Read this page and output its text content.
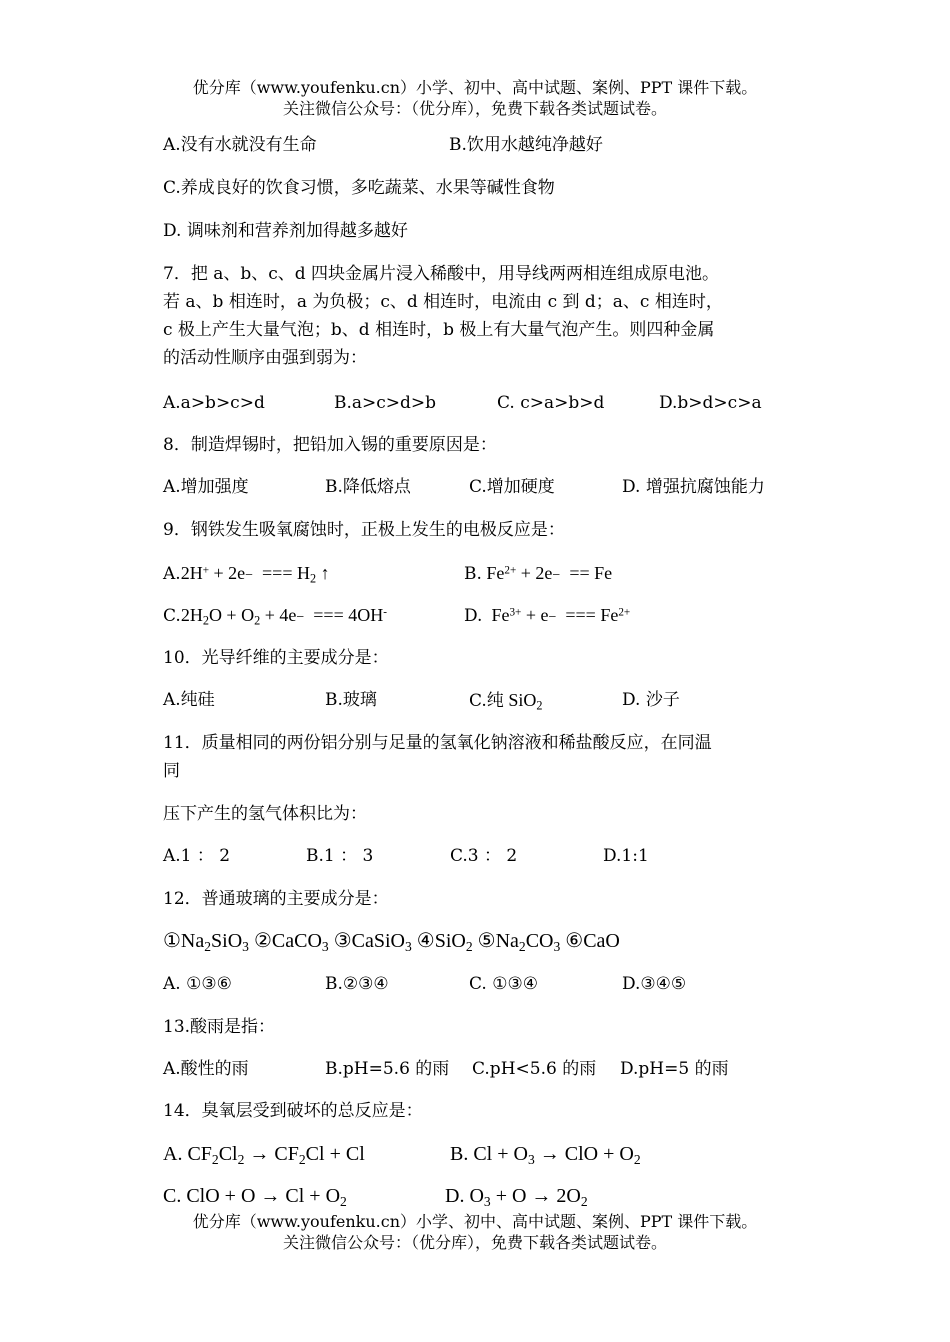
优分库（www.youfenku.cn）小学、初中、高中试题、案例、PPT 课件下载。
关注微信公众号：（优分库），免费下载各类试题试卷。
A.没有水就没有生命	B.饮用水越纯净越好
C.养成良好的饮食习惯，多吃蔬菜、水果等碱性食物
D. 调味剂和营养剂加得越多越好
7．把 a、b、c、d 四块金属片浸入稀酸中，用导线两两相连组成原电池。
若 a、b 相连时，a 为负极；c、d 相连时，电流由 c 到 d；a、c 相连时，
c 极上产生大量气泡；b、d 相连时，b 极上有大量气泡产生。则四种金属
的活动性顺序由强到弱为：
A.a>b>c>d	B.a>c>d>b	C. c>a>b>d	D.b>d>c>a
8．制造焊锡时，把铅加入锡的重要原因是：
A.增加强度	B.降低熔点	C.增加硬度	D. 增强抗腐蚀能力
9．钢铁发生吸氧腐蚀时，正极上发生的电极反应是：
A.2H+ + 2e−  === $H_2$ ↑	B. $Fe^{2+} + 2e- == Fe$
$C.2H_2O + O_2 + 4e-$  === 4OH-	D.  $Fe^{3+} + e-$  === $Fe^{2+}$
10．光导纤维的主要成分是：
A.纯硅	B.玻璃	C.纯 SiO$_2$	D. 沙子
11．质量相同的两份铝分别与足量的氢氧化钠溶液和稀盐酸反应，在同温
同
压下产生的氢气体积比为：
A.1 ： 2	B.1 ： 3	C.3 ： 2	D.1:1
12．普通玻璃的主要成分是：
$①Na_2SiO_3$ ②CaCO$_3$ ③CaSiO$_3$ ④SiO$_2$ $⑤Na_2CO_3$ ⑥CaO
A. ①③⑥	B.②③④	C. ①③④	D.③④⑤
13.酸雨是指：
A.酸性的雨	B.pH=5.6 的雨 C.pH<5.6 的雨 D.pH=5 的雨
14．臭氧层受到破坏的总反应是：
A. $CF_2Cl_2 \to CF_2Cl + Cl$	B. $Cl + O_3$ → ClO + $O_2$
C. ClO + $O \to Cl + O_2$	D. $O_3 + O \to 2O_2$
优分库（www.youfenku.cn）小学、初中、高中试题、案例、PPT 课件下载。
关注微信公众号：（优分库），免费下载各类试题试卷。
